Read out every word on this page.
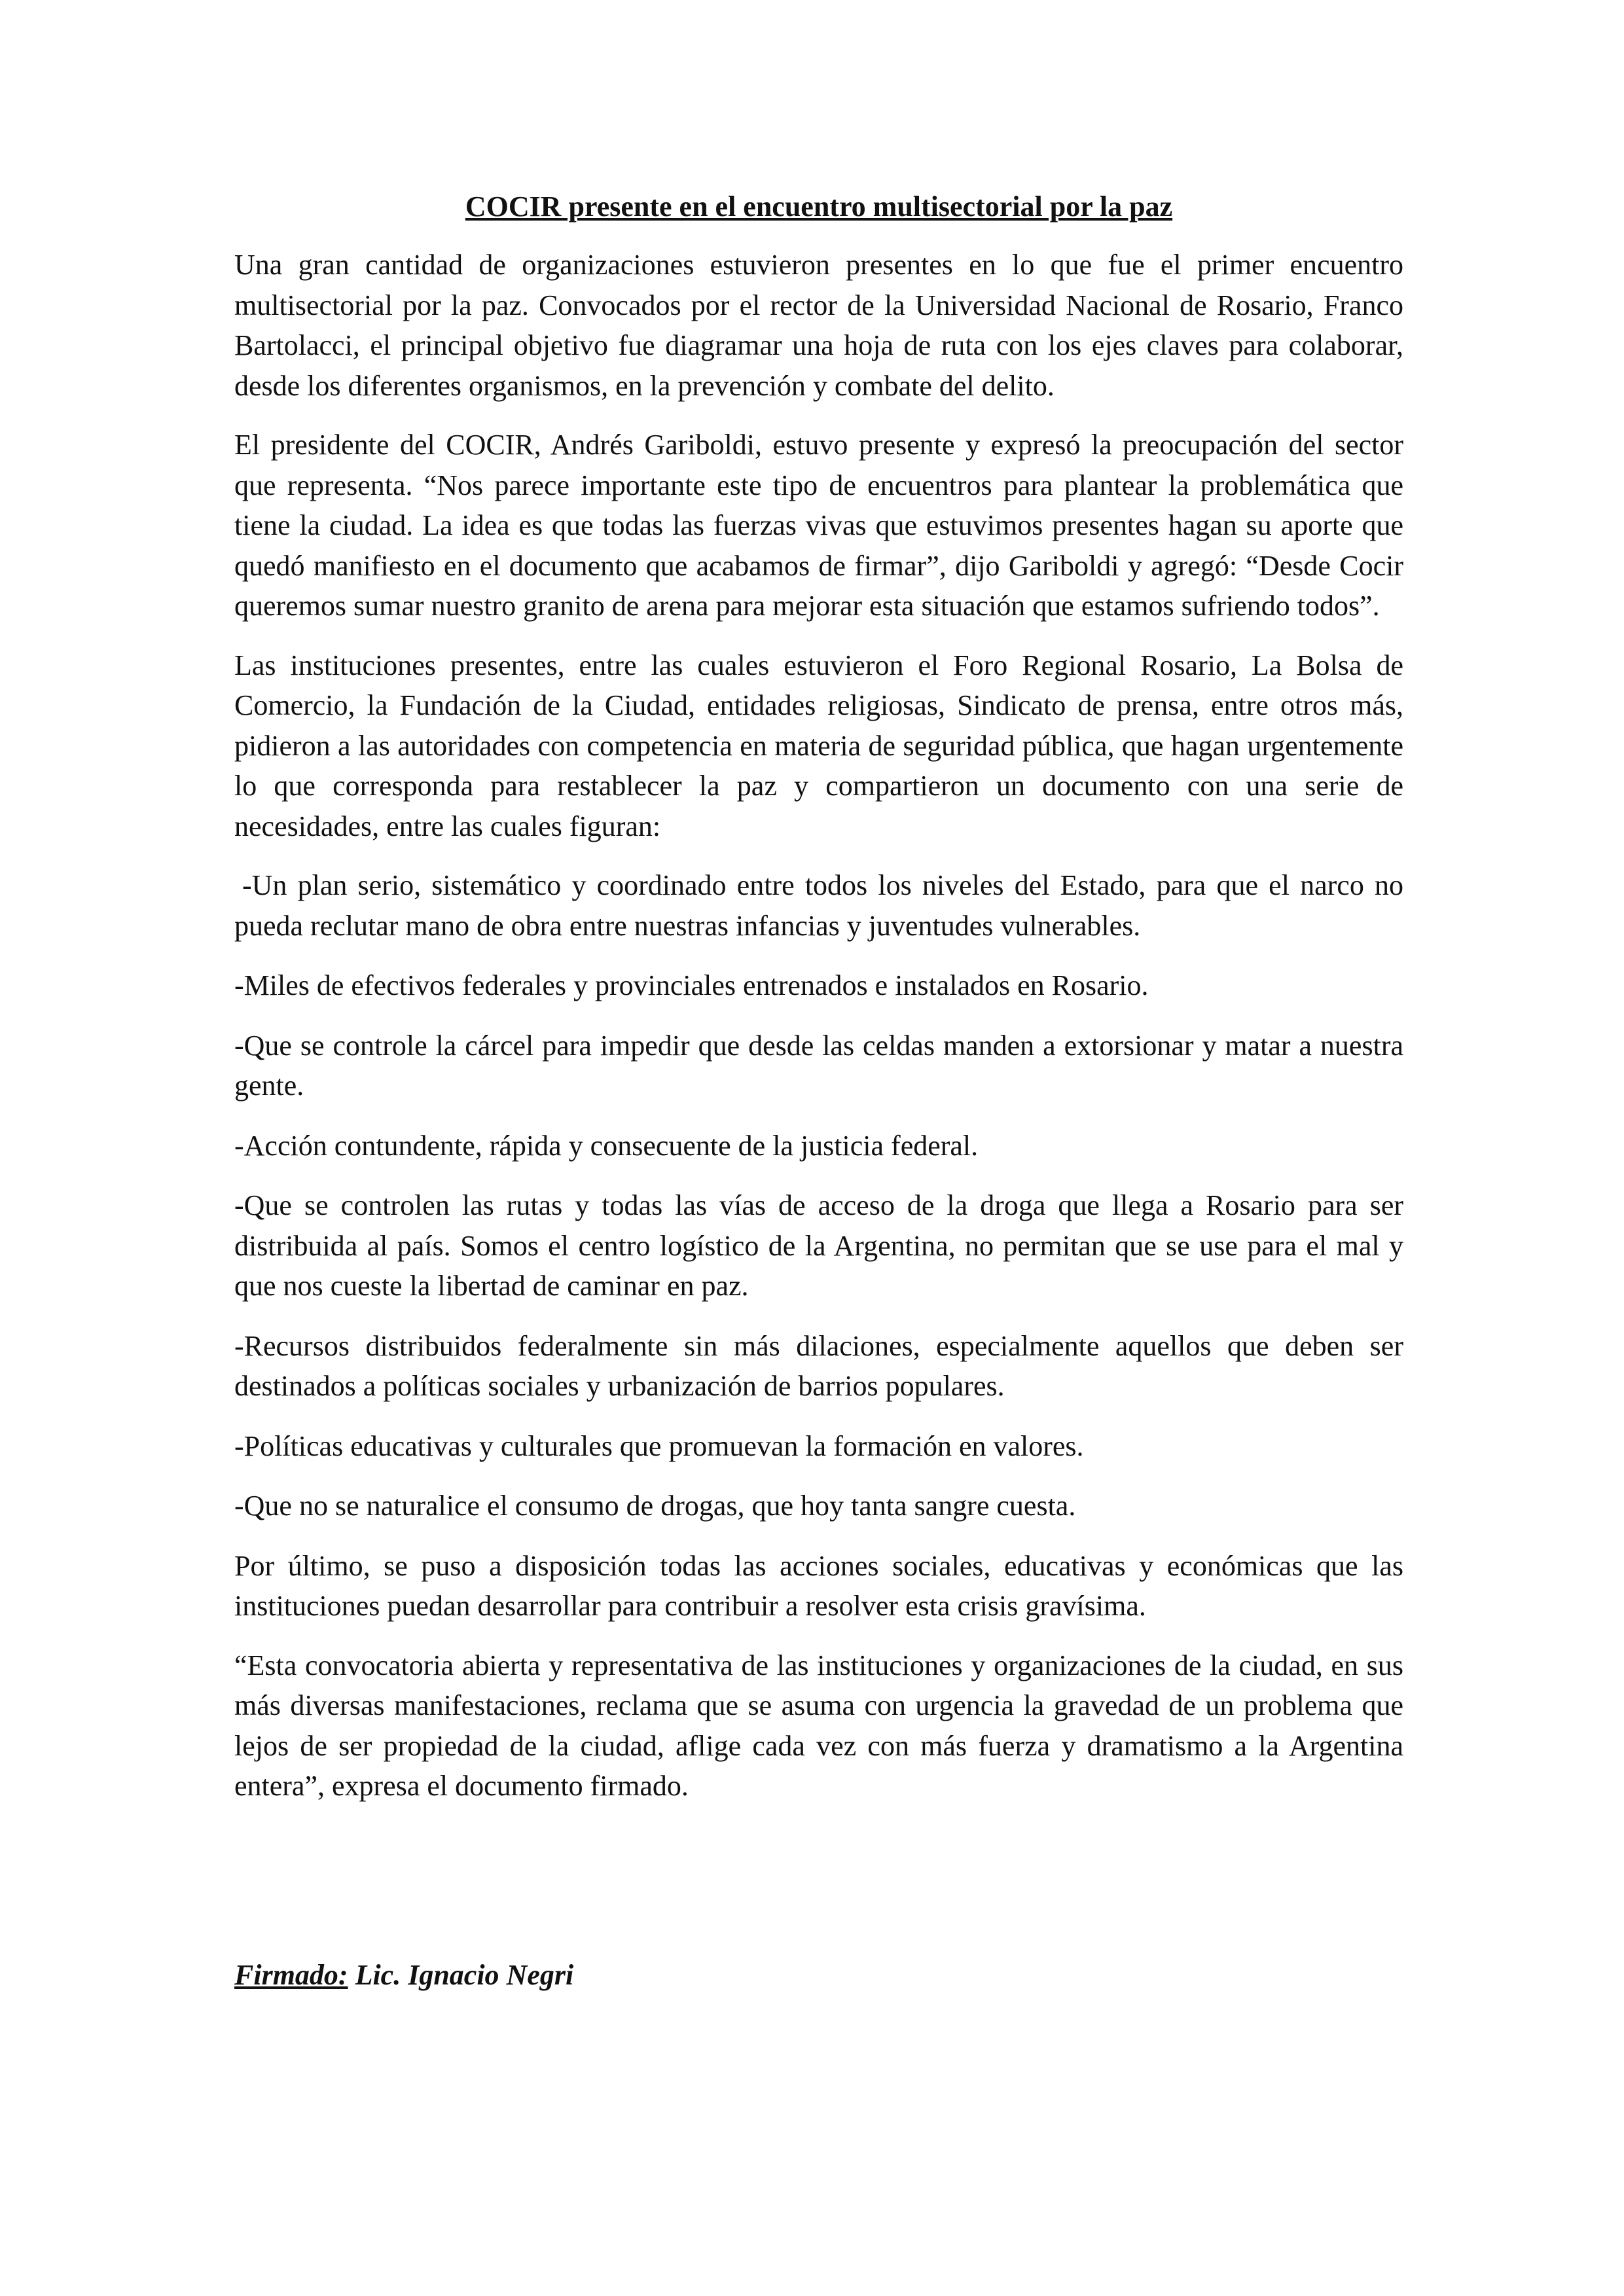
COCIR presente en el encuentro multisectorial por la paz

Una gran cantidad de organizaciones estuvieron presentes en lo que fue el primer encuentro multisectorial por la paz. Convocados por el rector de la Universidad Nacional de Rosario, Franco Bartolacci, el principal objetivo fue diagramar una hoja de ruta con los ejes claves para colaborar, desde los diferentes organismos, en la prevención y combate del delito.

El presidente del COCIR, Andrés Gariboldi, estuvo presente y expresó la preocupación del sector que representa. “Nos parece importante este tipo de encuentros para plantear la problemática que tiene la ciudad. La idea es que todas las fuerzas vivas que estuvimos presentes hagan su aporte que quedó manifiesto en el documento que acabamos de firmar”, dijo Gariboldi y agregó: “Desde Cocir queremos sumar nuestro granito de arena para mejorar esta situación que estamos sufriendo todos”.

Las instituciones presentes, entre las cuales estuvieron el Foro Regional Rosario, La Bolsa de Comercio, la Fundación de la Ciudad, entidades religiosas, Sindicato de prensa, entre otros más, pidieron a las autoridades con competencia en materia de seguridad pública, que hagan urgentemente lo que corresponda para restablecer la paz y compartieron un documento con una serie de necesidades, entre las cuales figuran:

-Un plan serio, sistemático y coordinado entre todos los niveles del Estado, para que el narco no pueda reclutar mano de obra entre nuestras infancias y juventudes vulnerables.

-Miles de efectivos federales y provinciales entrenados e instalados en Rosario.

-Que se controle la cárcel para impedir que desde las celdas manden a extorsionar y matar a nuestra gente.

-Acción contundente, rápida y consecuente de la justicia federal.

-Que se controlen las rutas y todas las vías de acceso de la droga que llega a Rosario para ser distribuida al país. Somos el centro logístico de la Argentina, no permitan que se use para el mal y que nos cueste la libertad de caminar en paz.

-Recursos distribuidos federalmente sin más dilaciones, especialmente aquellos que deben ser destinados a políticas sociales y urbanización de barrios populares.

-Políticas educativas y culturales que promuevan la formación en valores.

-Que no se naturalice el consumo de drogas, que hoy tanta sangre cuesta.

Por último, se puso a disposición todas las acciones sociales, educativas y económicas que las instituciones puedan desarrollar para contribuir a resolver esta crisis gravísima.

“Esta convocatoria abierta y representativa de las instituciones y organizaciones de la ciudad, en sus más diversas manifestaciones, reclama que se asuma con urgencia la gravedad de un problema que lejos de ser propiedad de la ciudad, aflige cada vez con más fuerza y dramatismo a la Argentina entera”, expresa el documento firmado.

Firmado: Lic. Ignacio Negri
